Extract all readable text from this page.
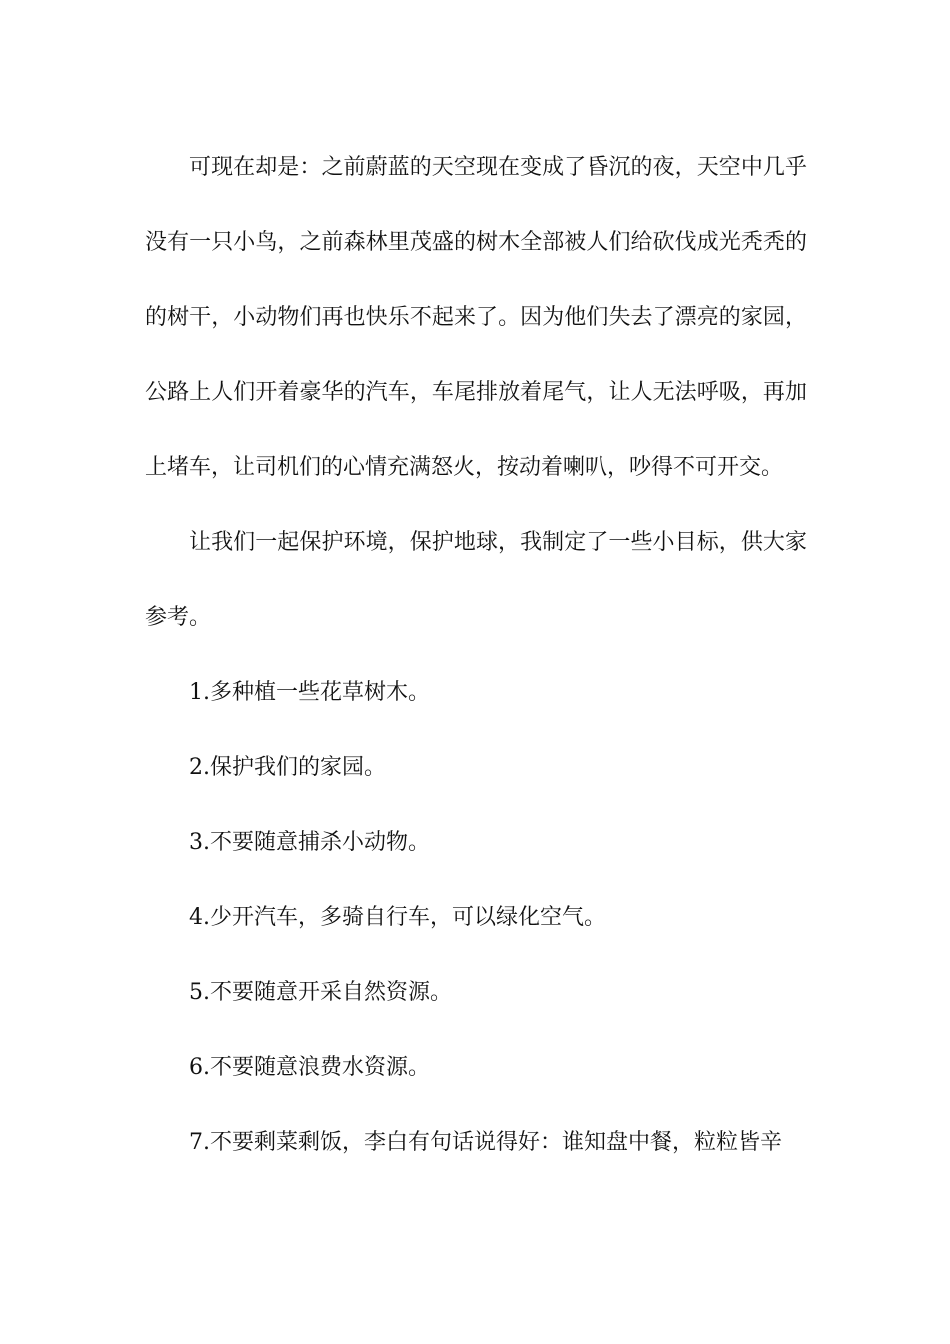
可现在却是：之前蔚蓝的天空现在变成了昏沉的夜，天空中几乎没有一只小鸟，之前森林里茂盛的树木全部被人们给砍伐成光秃秃的的树干，小动物们再也快乐不起来了。因为他们失去了漂亮的家园，公路上人们开着豪华的汽车，车尾排放着尾气，让人无法呼吸，再加上堵车，让司机们的心情充满怒火，按动着喇叭，吵得不可开交。

让我们一起保护环境，保护地球，我制定了一些小目标，供大家参考。

1.多种植一些花草树木。

2.保护我们的家园。

3.不要随意捕杀小动物。

4.少开汽车，多骑自行车，可以绿化空气。

5.不要随意开采自然资源。

6.不要随意浪费水资源。

7.不要剩菜剩饭，李白有句话说得好：谁知盘中餐，粒粒皆辛
